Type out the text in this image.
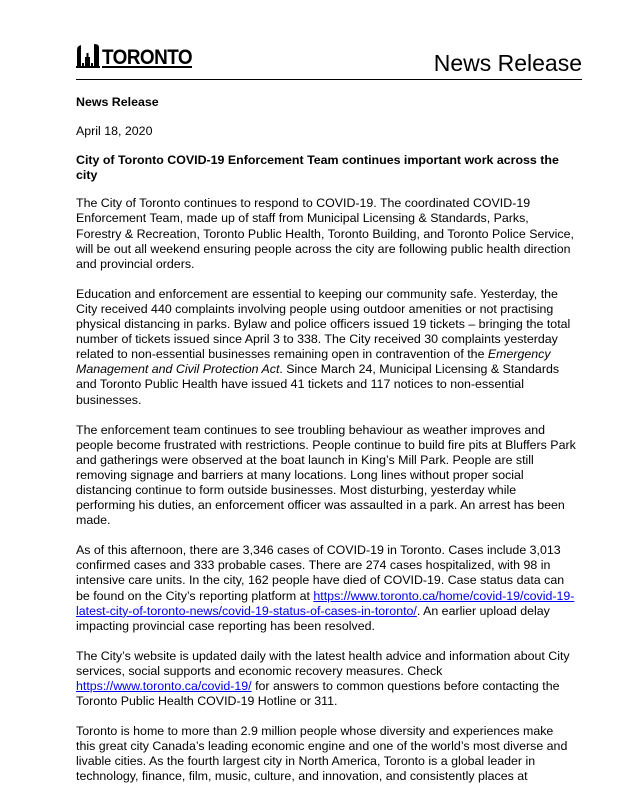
TORONTO	News Release

News Release

April 18, 2020

City of Toronto COVID-19 Enforcement Team continues important work across the city

The City of Toronto continues to respond to COVID-19. The coordinated COVID-19 Enforcement Team, made up of staff from Municipal Licensing & Standards, Parks, Forestry & Recreation, Toronto Public Health, Toronto Building, and Toronto Police Service, will be out all weekend ensuring people across the city are following public health direction and provincial orders.

Education and enforcement are essential to keeping our community safe. Yesterday, the City received 440 complaints involving people using outdoor amenities or not practising physical distancing in parks. Bylaw and police officers issued 19 tickets – bringing the total number of tickets issued since April 3 to 338. The City received 30 complaints yesterday related to non-essential businesses remaining open in contravention of the Emergency Management and Civil Protection Act. Since March 24, Municipal Licensing & Standards and Toronto Public Health have issued 41 tickets and 117 notices to non-essential businesses.

The enforcement team continues to see troubling behaviour as weather improves and people become frustrated with restrictions. People continue to build fire pits at Bluffers Park and gatherings were observed at the boat launch in King’s Mill Park. People are still removing signage and barriers at many locations. Long lines without proper social distancing continue to form outside businesses. Most disturbing, yesterday while performing his duties, an enforcement officer was assaulted in a park. An arrest has been made.

As of this afternoon, there are 3,346 cases of COVID-19 in Toronto. Cases include 3,013 confirmed cases and 333 probable cases. There are 274 cases hospitalized, with 98 in intensive care units. In the city, 162 people have died of COVID-19. Case status data can be found on the City’s reporting platform at https://www.toronto.ca/home/covid-19/covid-19-latest-city-of-toronto-news/covid-19-status-of-cases-in-toronto/. An earlier upload delay impacting provincial case reporting has been resolved.

The City’s website is updated daily with the latest health advice and information about City services, social supports and economic recovery measures. Check https://www.toronto.ca/covid-19/ for answers to common questions before contacting the Toronto Public Health COVID-19 Hotline or 311.

Toronto is home to more than 2.9 million people whose diversity and experiences make this great city Canada’s leading economic engine and one of the world’s most diverse and livable cities. As the fourth largest city in North America, Toronto is a global leader in technology, finance, film, music, culture, and innovation, and consistently places at
